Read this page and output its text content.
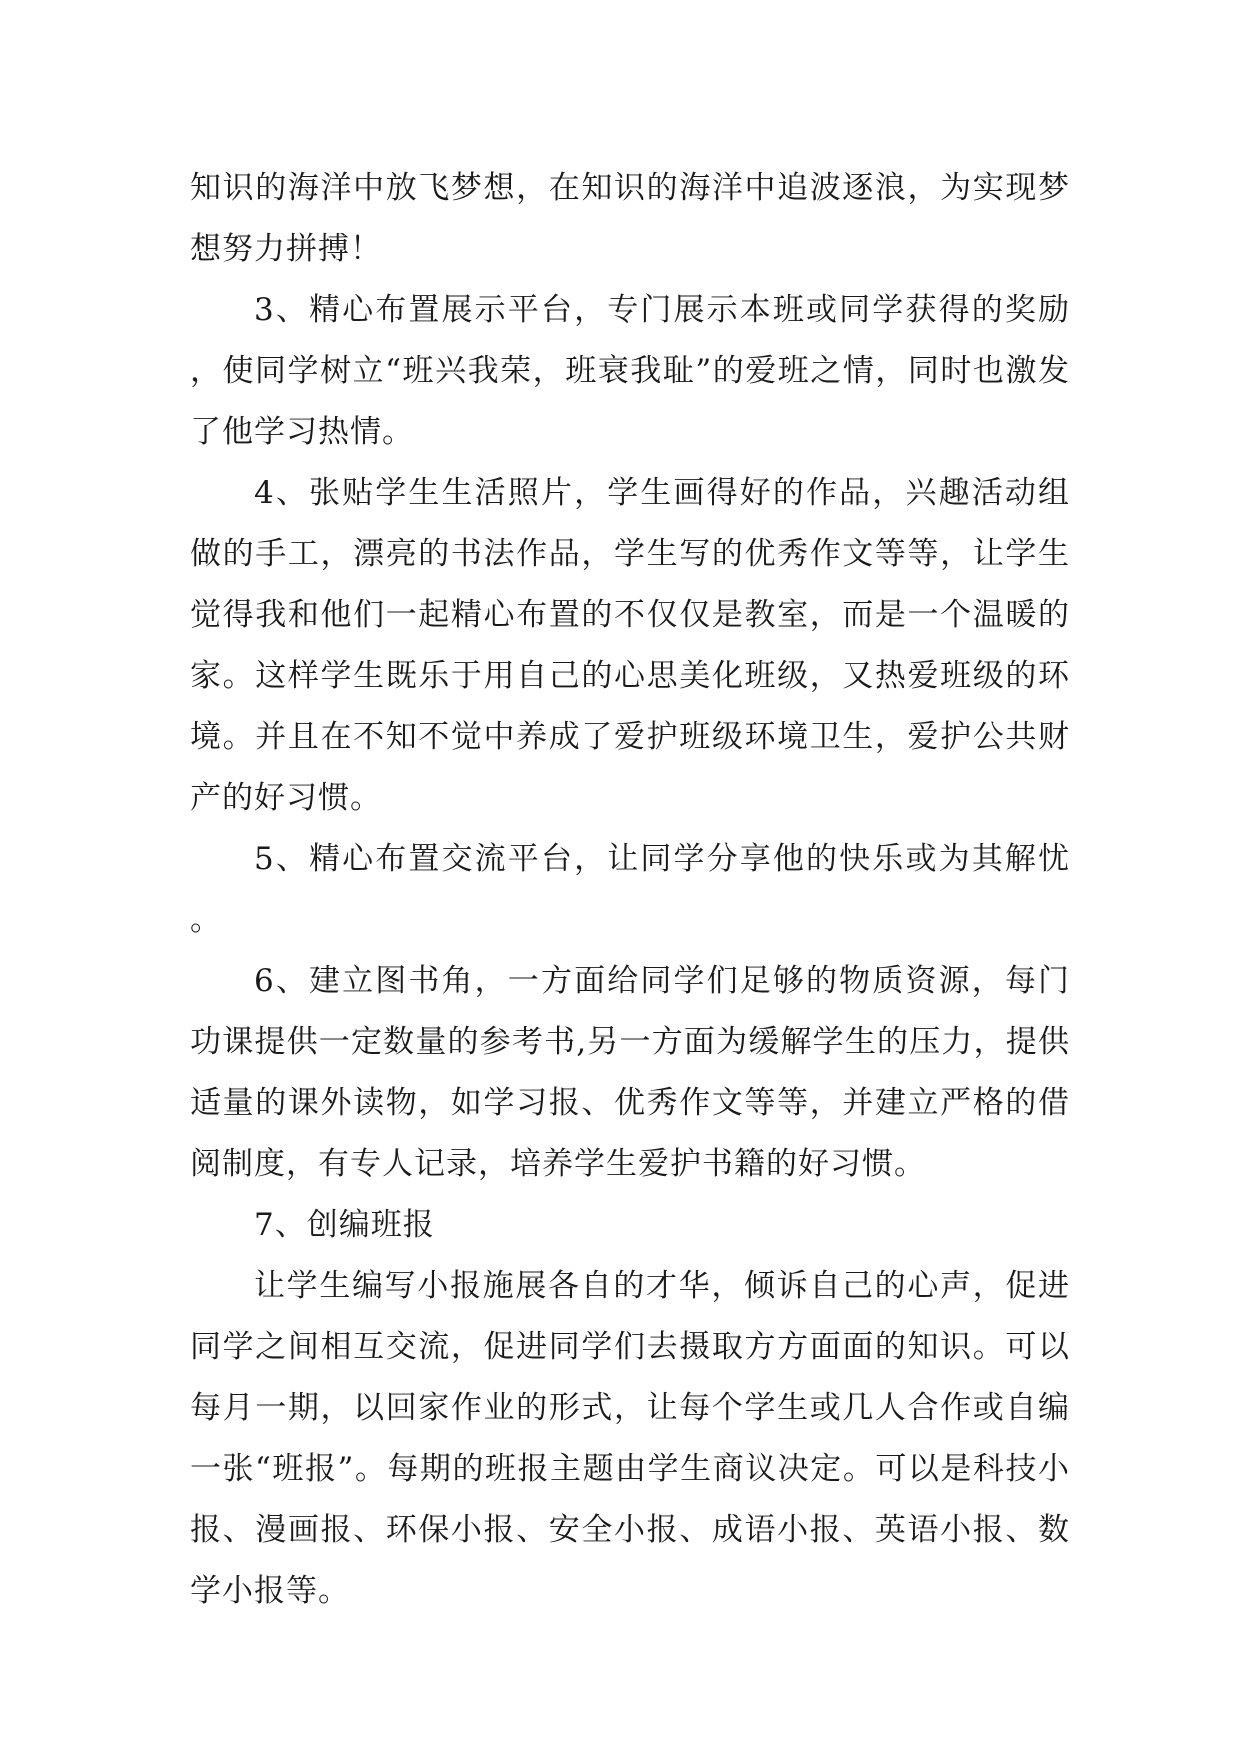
知识的海洋中放飞梦想，在知识的海洋中追波逐浪，为实现梦想努力拼搏！

3、精心布置展示平台，专门展示本班或同学获得的奖励，使同学树立“班兴我荣，班衰我耻”的爱班之情，同时也激发了他学习热情。

4、张贴学生生活照片，学生画得好的作品，兴趣活动组做的手工，漂亮的书法作品，学生写的优秀作文等等，让学生觉得我和他们一起精心布置的不仅仅是教室，而是一个温暖的家。这样学生既乐于用自己的心思美化班级，又热爱班级的环境。并且在不知不觉中养成了爱护班级环境卫生，爱护公共财产的好习惯。

5、精心布置交流平台，让同学分享他的快乐或为其解忧。

6、建立图书角，一方面给同学们足够的物质资源，每门功课提供一定数量的参考书,另一方面为缓解学生的压力，提供适量的课外读物，如学习报、优秀作文等等，并建立严格的借阅制度，有专人记录，培养学生爱护书籍的好习惯。

7、创编班报

让学生编写小报施展各自的才华，倾诉自己的心声，促进同学之间相互交流，促进同学们去摄取方方面面的知识。可以每月一期，以回家作业的形式，让每个学生或几人合作或自编一张“班报”。每期的班报主题由学生商议决定。可以是科技小报、漫画报、环保小报、安全小报、成语小报、英语小报、数学小报等。
